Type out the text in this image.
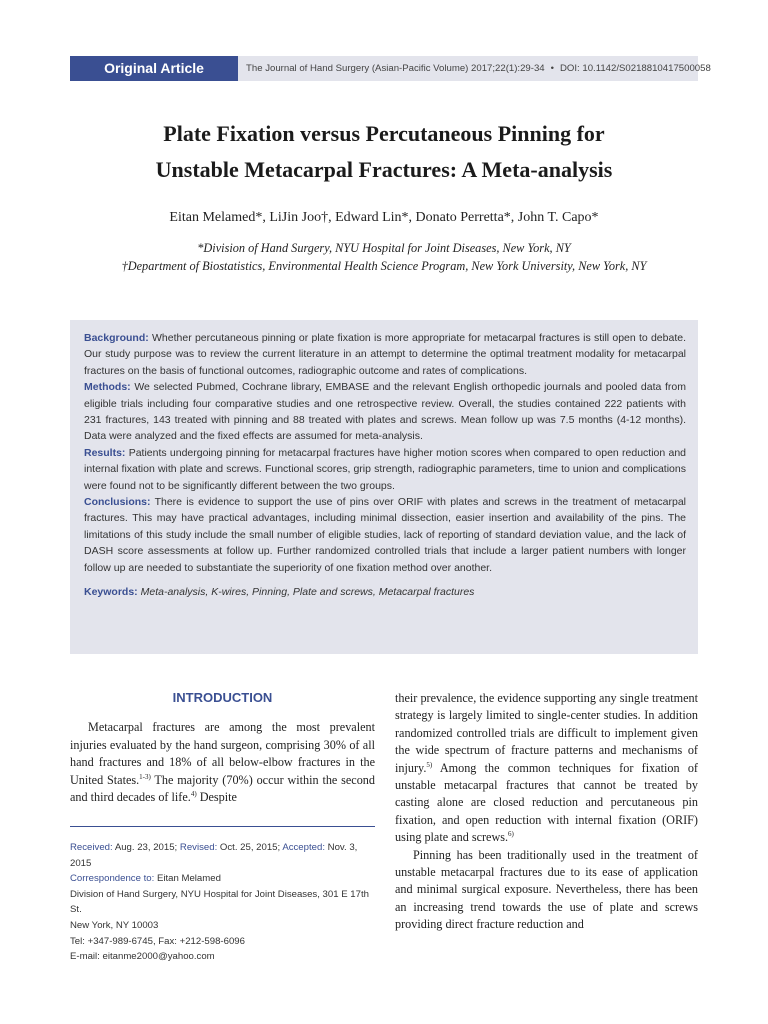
Original Article	The Journal of Hand Surgery (Asian-Pacific Volume) 2017;22(1):29-34 • DOI: 10.1142/S0218810417500058
Plate Fixation versus Percutaneous Pinning for
Unstable Metacarpal Fractures: A Meta-analysis
Eitan Melamed*, LiJin Joo†, Edward Lin*, Donato Perretta*, John T. Capo*
*Division of Hand Surgery, NYU Hospital for Joint Diseases, New York, NY
†Department of Biostatistics, Environmental Health Science Program, New York University, New York, NY

Background: Whether percutaneous pinning or plate fixation is more appropriate for metacarpal fractures is still open to debate. Our study purpose was to review the current literature in an attempt to determine the optimal treatment modality for metacarpal fractures on the basis of functional outcomes, radiographic outcome and rates of complications.

Methods: We selected Pubmed, Cochrane library, EMBASE and the relevant English orthopedic journals and pooled data from eligible trials including four comparative studies and one retrospective review. Overall, the studies contained 222 patients with 231 fractures, 143 treated with pinning and 88 treated with plates and screws. Mean follow up was 7.5 months (4-12 months). Data were analyzed and the fixed effects are assumed for meta-analysis.

Results: Patients undergoing pinning for metacarpal fractures have higher motion scores when compared to open reduction and internal fixation with plate and screws. Functional scores, grip strength, radiographic parameters, time to union and complications were found not to be significantly different between the two groups.

Conclusions: There is evidence to support the use of pins over ORIF with plates and screws in the treatment of metacarpal fractures. This may have practical advantages, including minimal dissection, easier insertion and availability of the pins. The limitations of this study include the small number of eligible studies, lack of reporting of standard deviation value, and the lack of DASH score assessments at follow up. Further randomized controlled trials that include a larger patient numbers with longer follow up are needed to substantiate the superiority of one fixation method over another.

Keywords: Meta-analysis, K-wires, Pinning, Plate and screws, Metacarpal fractures

INTRODUCTION

Metacarpal fractures are among the most prevalent injuries evaluated by the hand surgeon, comprising 30% of all hand fractures and 18% of all below-elbow fractures in the United States.$^{1-3)}$ The majority (70%) occur within the second and third decades of life.$^{4)}$ Despite

Received: Aug. 23, 2015; Revised: Oct. 25, 2015; Accepted: Nov. 3, 2015
Correspondence to: Eitan Melamed
Division of Hand Surgery, NYU Hospital for Joint Diseases, 301 E 17th St.
New York, NY 10003
Tel: +347-989-6745, Fax: +212-598-6096
E-mail: eitanme2000@yahoo.com

their prevalence, the evidence supporting any single treatment strategy is largely limited to single-center studies. In addition randomized controlled trials are difficult to implement given the wide spectrum of fracture patterns and mechanisms of injury.$^{5)}$ Among the common techniques for fixation of unstable metacarpal fractures that cannot be treated by casting alone are closed reduction and percutaneous pin fixation, and open reduction with internal fixation (ORIF) using plate and screws.$^{6)}$

Pinning has been traditionally used in the treatment of unstable metacarpal fractures due to its ease of application and minimal surgical exposure. Nevertheless, there has been an increasing trend towards the use of plate and screws providing direct fracture reduction and
